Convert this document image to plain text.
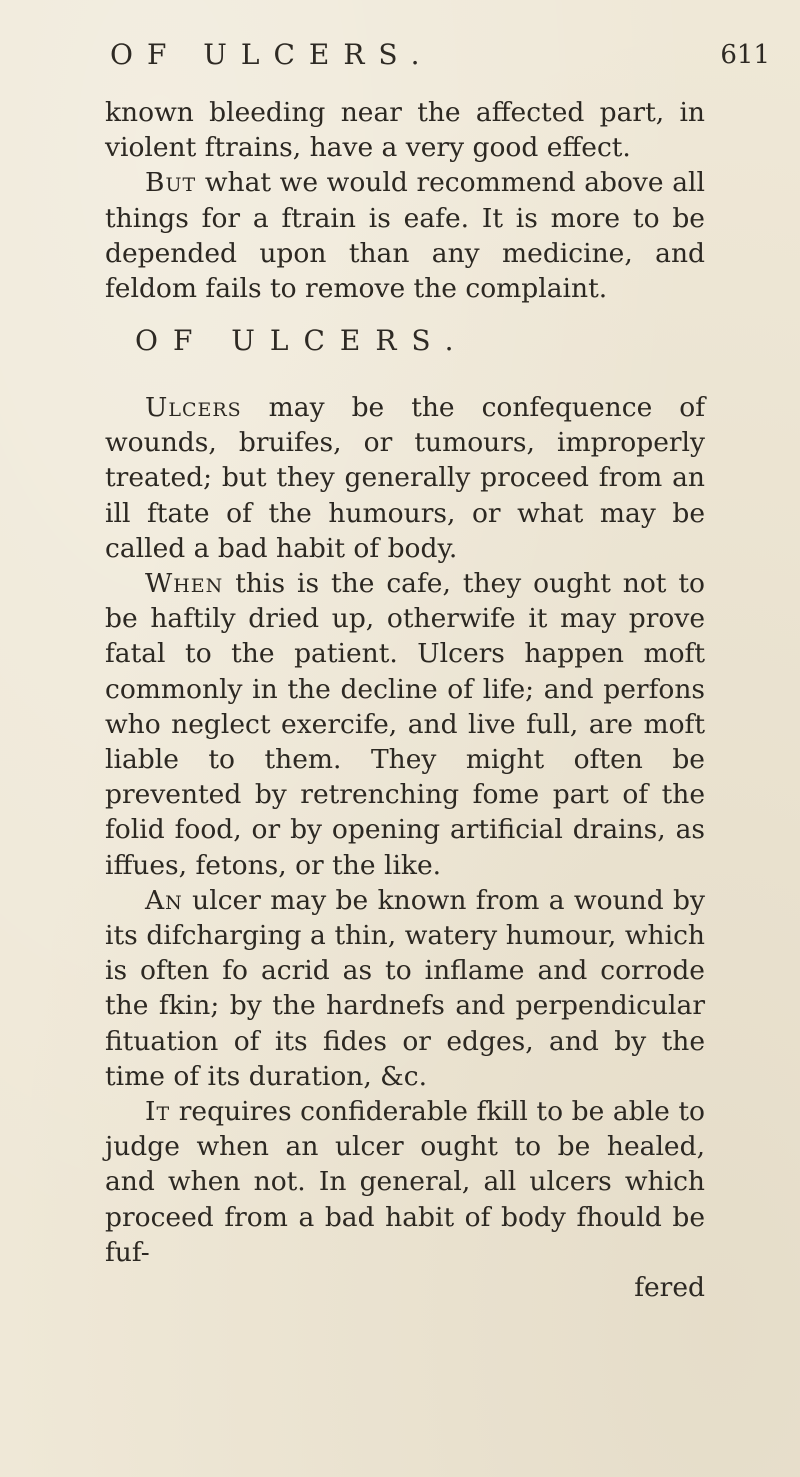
OF ULCERS.	611

known bleeding near the affected part, in violent ftrains, have a very good effect.

But what we would recommend above all things for a ftrain is eafe. It is more to be depended upon than any medicine, and feldom fails to remove the complaint.

OF ULCERS.

Ulcers may be the confequence of wounds, bruifes, or tumours, improperly treated; but they generally proceed from an ill ftate of the humours, or what may be called a bad habit of body.

When this is the cafe, they ought not to be haftily dried up, otherwife it may prove fatal to the patient. Ulcers happen moft commonly in the decline of life; and perfons who neglect exercife, and live full, are moft liable to them. They might often be prevented by retrenching fome part of the folid food, or by opening artificial drains, as iffues, fetons, or the like.

An ulcer may be known from a wound by its difcharging a thin, watery humour, which is often fo acrid as to inflame and corrode the fkin; by the hardnefs and perpendicular fituation of its fides or edges, and by the time of its duration, &c.

It requires confiderable fkill to be able to judge when an ulcer ought to be healed, and when not. In general, all ulcers which proceed from a bad habit of body fhould be fuf-

fered
